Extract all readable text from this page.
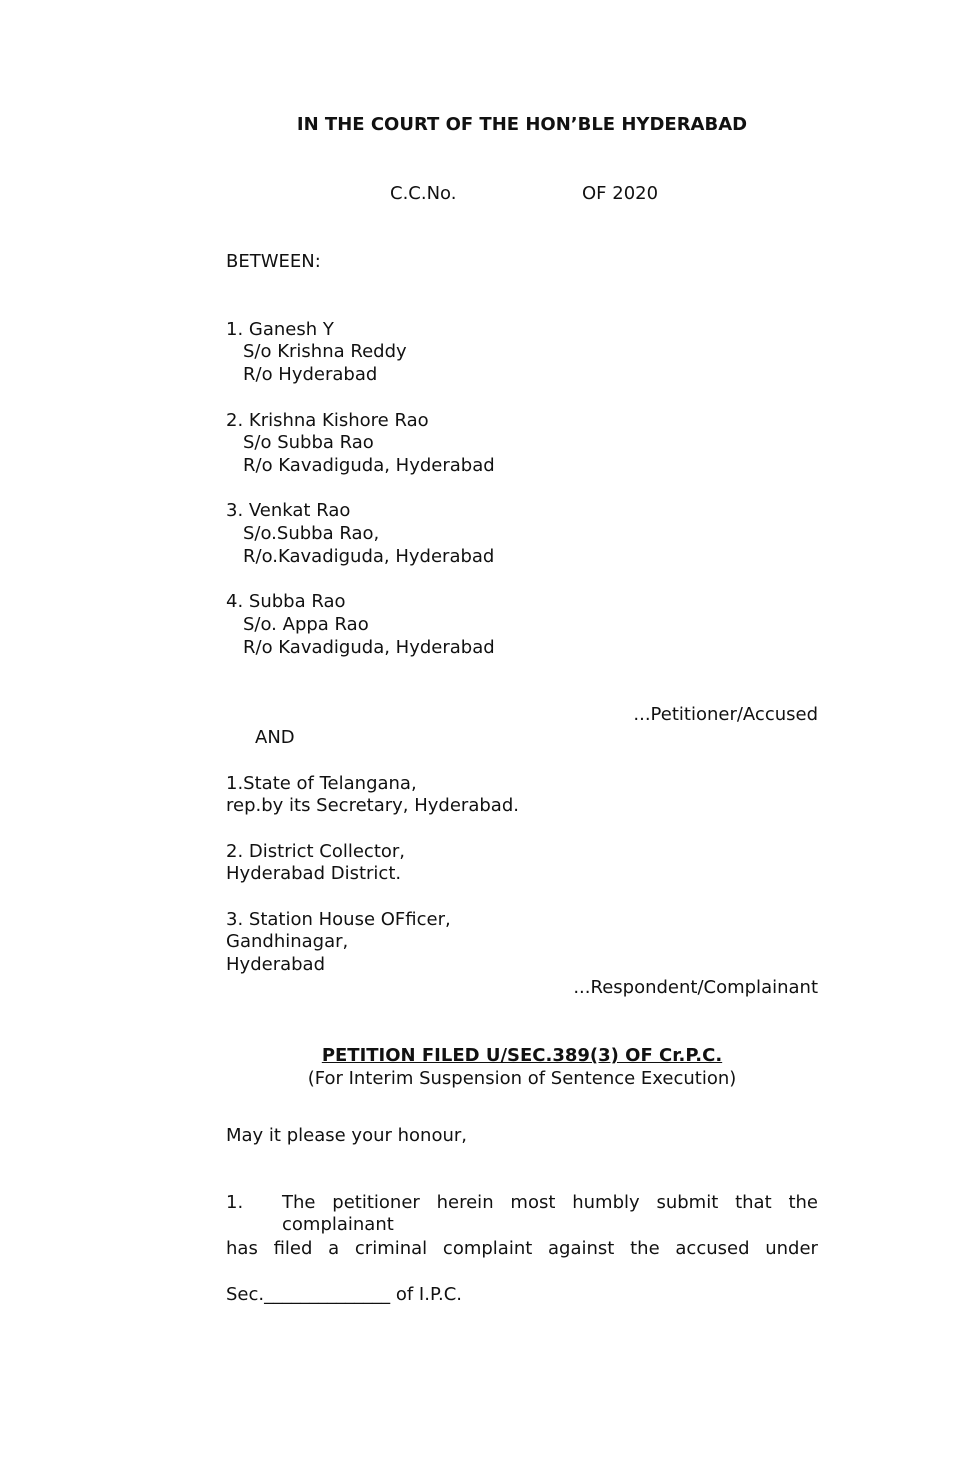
IN THE COURT OF THE HON’BLE HYDERABAD
C.C.No.	OF 2020
BETWEEN:
1. Ganesh Y
S/o Krishna Reddy
R/o Hyderabad
2. Krishna Kishore Rao
S/o Subba Rao
R/o Kavadiguda, Hyderabad
3. Venkat Rao
S/o.Subba Rao,
R/o.Kavadiguda, Hyderabad
4. Subba Rao
S/o. Appa Rao
R/o Kavadiguda, Hyderabad
...Petitioner/Accused
AND
1.State of Telangana,
rep.by its Secretary, Hyderabad.
2. District Collector,
Hyderabad District.
3. Station House OFficer,
Gandhinagar,
Hyderabad
...Respondent/Complainant
PETITION FILED U/SEC.389(3) OF Cr.P.C.
(For Interim Suspension of Sentence Execution)
May it please your honour,
1. The petitioner herein most humbly submit that the complainant
has filed a criminal complaint against the accused under
Sec.______________ of I.P.C.
